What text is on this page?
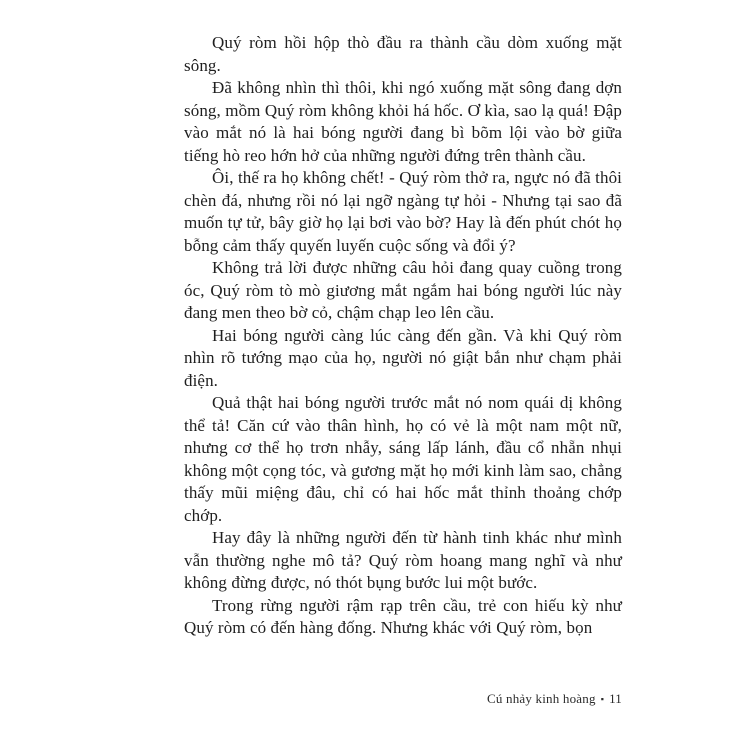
Quý ròm hồi hộp thò đầu ra thành cầu dòm xuống mặt sông.

Đã không nhìn thì thôi, khi ngó xuống mặt sông đang dợn sóng, mồm Quý ròm không khỏi há hốc. Ơ kìa, sao lạ quá! Đập vào mắt nó là hai bóng người đang bì bõm lội vào bờ giữa tiếng hò reo hớn hở của những người đứng trên thành cầu.

Ôi, thế ra họ không chết! - Quý ròm thở ra, ngực nó đã thôi chèn đá, nhưng rồi nó lại ngỡ ngàng tự hỏi - Nhưng tại sao đã muốn tự tử, bây giờ họ lại bơi vào bờ? Hay là đến phút chót họ bỗng cảm thấy quyến luyến cuộc sống và đổi ý?

Không trả lời được những câu hỏi đang quay cuồng trong óc, Quý ròm tò mò giương mắt ngắm hai bóng người lúc này đang men theo bờ cỏ, chậm chạp leo lên cầu.

Hai bóng người càng lúc càng đến gần. Và khi Quý ròm nhìn rõ tướng mạo của họ, người nó giật bắn như chạm phải điện.

Quả thật hai bóng người trước mắt nó nom quái dị không thể tả! Căn cứ vào thân hình, họ có vẻ là một nam một nữ, nhưng cơ thể họ trơn nhẫy, sáng lấp lánh, đầu cổ nhẵn nhụi không một cọng tóc, và gương mặt họ mới kinh làm sao, chẳng thấy mũi miệng đâu, chỉ có hai hốc mắt thỉnh thoảng chớp chớp.

Hay đây là những người đến từ hành tinh khác như mình vẫn thường nghe mô tả? Quý ròm hoang mang nghĩ và như không đừng được, nó thót bụng bước lui một bước.

Trong rừng người rậm rạp trên cầu, trẻ con hiếu kỳ như Quý ròm có đến hàng đống. Nhưng khác với Quý ròm, bọn

Cú nhảy kinh hoàng ▪ 11
